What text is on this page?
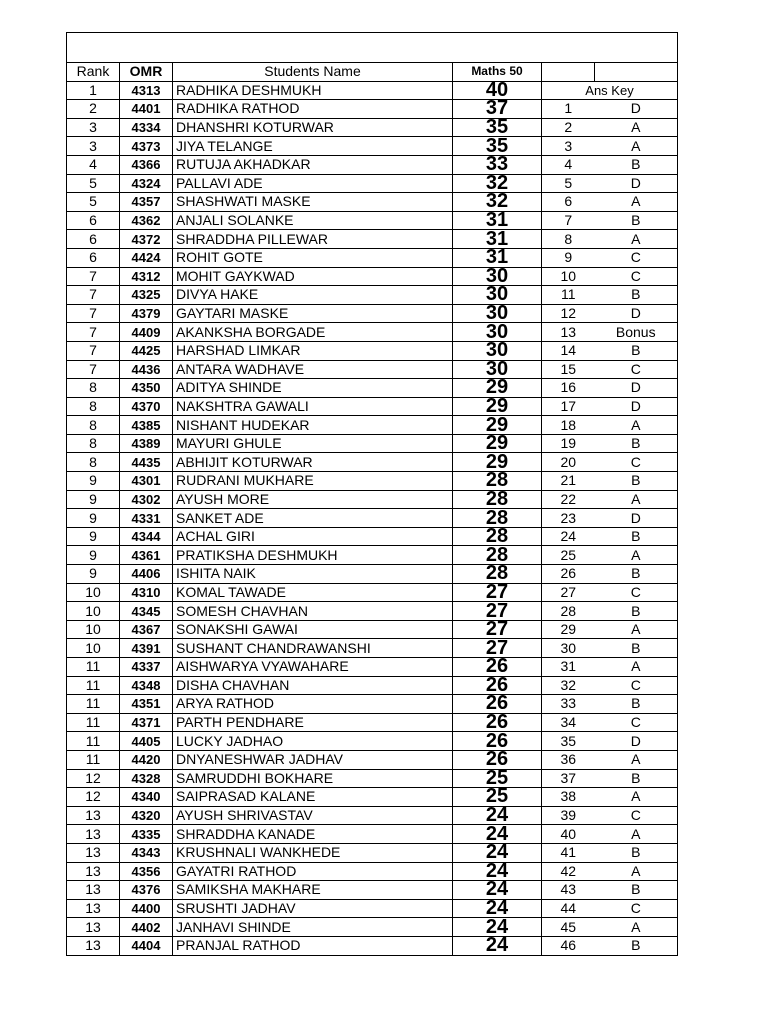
Rank	OMR	Students Name	Maths 50		
1	4313	RADHIKA DESHMUKH	40	Ans Key	
2	4401	RADHIKA RATHOD	37	1	D
3	4334	DHANSHRI KOTURWAR	35	2	A
3	4373	JIYA TELANGE	35	3	A
4	4366	RUTUJA AKHADKAR	33	4	B
5	4324	PALLAVI ADE	32	5	D
5	4357	SHASHWATI MASKE	32	6	A
6	4362	ANJALI SOLANKE	31	7	B
6	4372	SHRADDHA PILLEWAR	31	8	A
6	4424	ROHIT GOTE	31	9	C
7	4312	MOHIT GAYKWAD	30	10	C
7	4325	DIVYA HAKE	30	11	B
7	4379	GAYTARI MASKE	30	12	D
7	4409	AKANKSHA BORGADE	30	13	Bonus
7	4425	HARSHAD LIMKAR	30	14	B
7	4436	ANTARA WADHAVE	30	15	C
8	4350	ADITYA SHINDE	29	16	D
8	4370	NAKSHTRA GAWALI	29	17	D
8	4385	NISHANT HUDEKAR	29	18	A
8	4389	MAYURI GHULE	29	19	B
8	4435	ABHIJIT KOTURWAR	29	20	C
9	4301	RUDRANI MUKHARE	28	21	B
9	4302	AYUSH MORE	28	22	A
9	4331	SANKET ADE	28	23	D
9	4344	ACHAL GIRI	28	24	B
9	4361	PRATIKSHA DESHMUKH	28	25	A
9	4406	ISHITA NAIK	28	26	B
10	4310	KOMAL TAWADE	27	27	C
10	4345	SOMESH CHAVHAN	27	28	B
10	4367	SONAKSHI GAWAI	27	29	A
10	4391	SUSHANT CHANDRAWANSHI	27	30	B
11	4337	AISHWARYA VYAWAHARE	26	31	A
11	4348	DISHA CHAVHAN	26	32	C
11	4351	ARYA RATHOD	26	33	B
11	4371	PARTH PENDHARE	26	34	C
11	4405	LUCKY JADHAO	26	35	D
11	4420	DNYANESHWAR JADHAV	26	36	A
12	4328	SAMRUDDHI BOKHARE	25	37	B
12	4340	SAIPRASAD KALANE	25	38	A
13	4320	AYUSH SHRIVASTAV	24	39	C
13	4335	SHRADDHA KANADE	24	40	A
13	4343	KRUSHNALI WANKHEDE	24	41	B
13	4356	GAYATRI RATHOD	24	42	A
13	4376	SAMIKSHA MAKHARE	24	43	B
13	4400	SRUSHTI JADHAV	24	44	C
13	4402	JANHAVI SHINDE	24	45	A
13	4404	PRANJAL RATHOD	24	46	B
